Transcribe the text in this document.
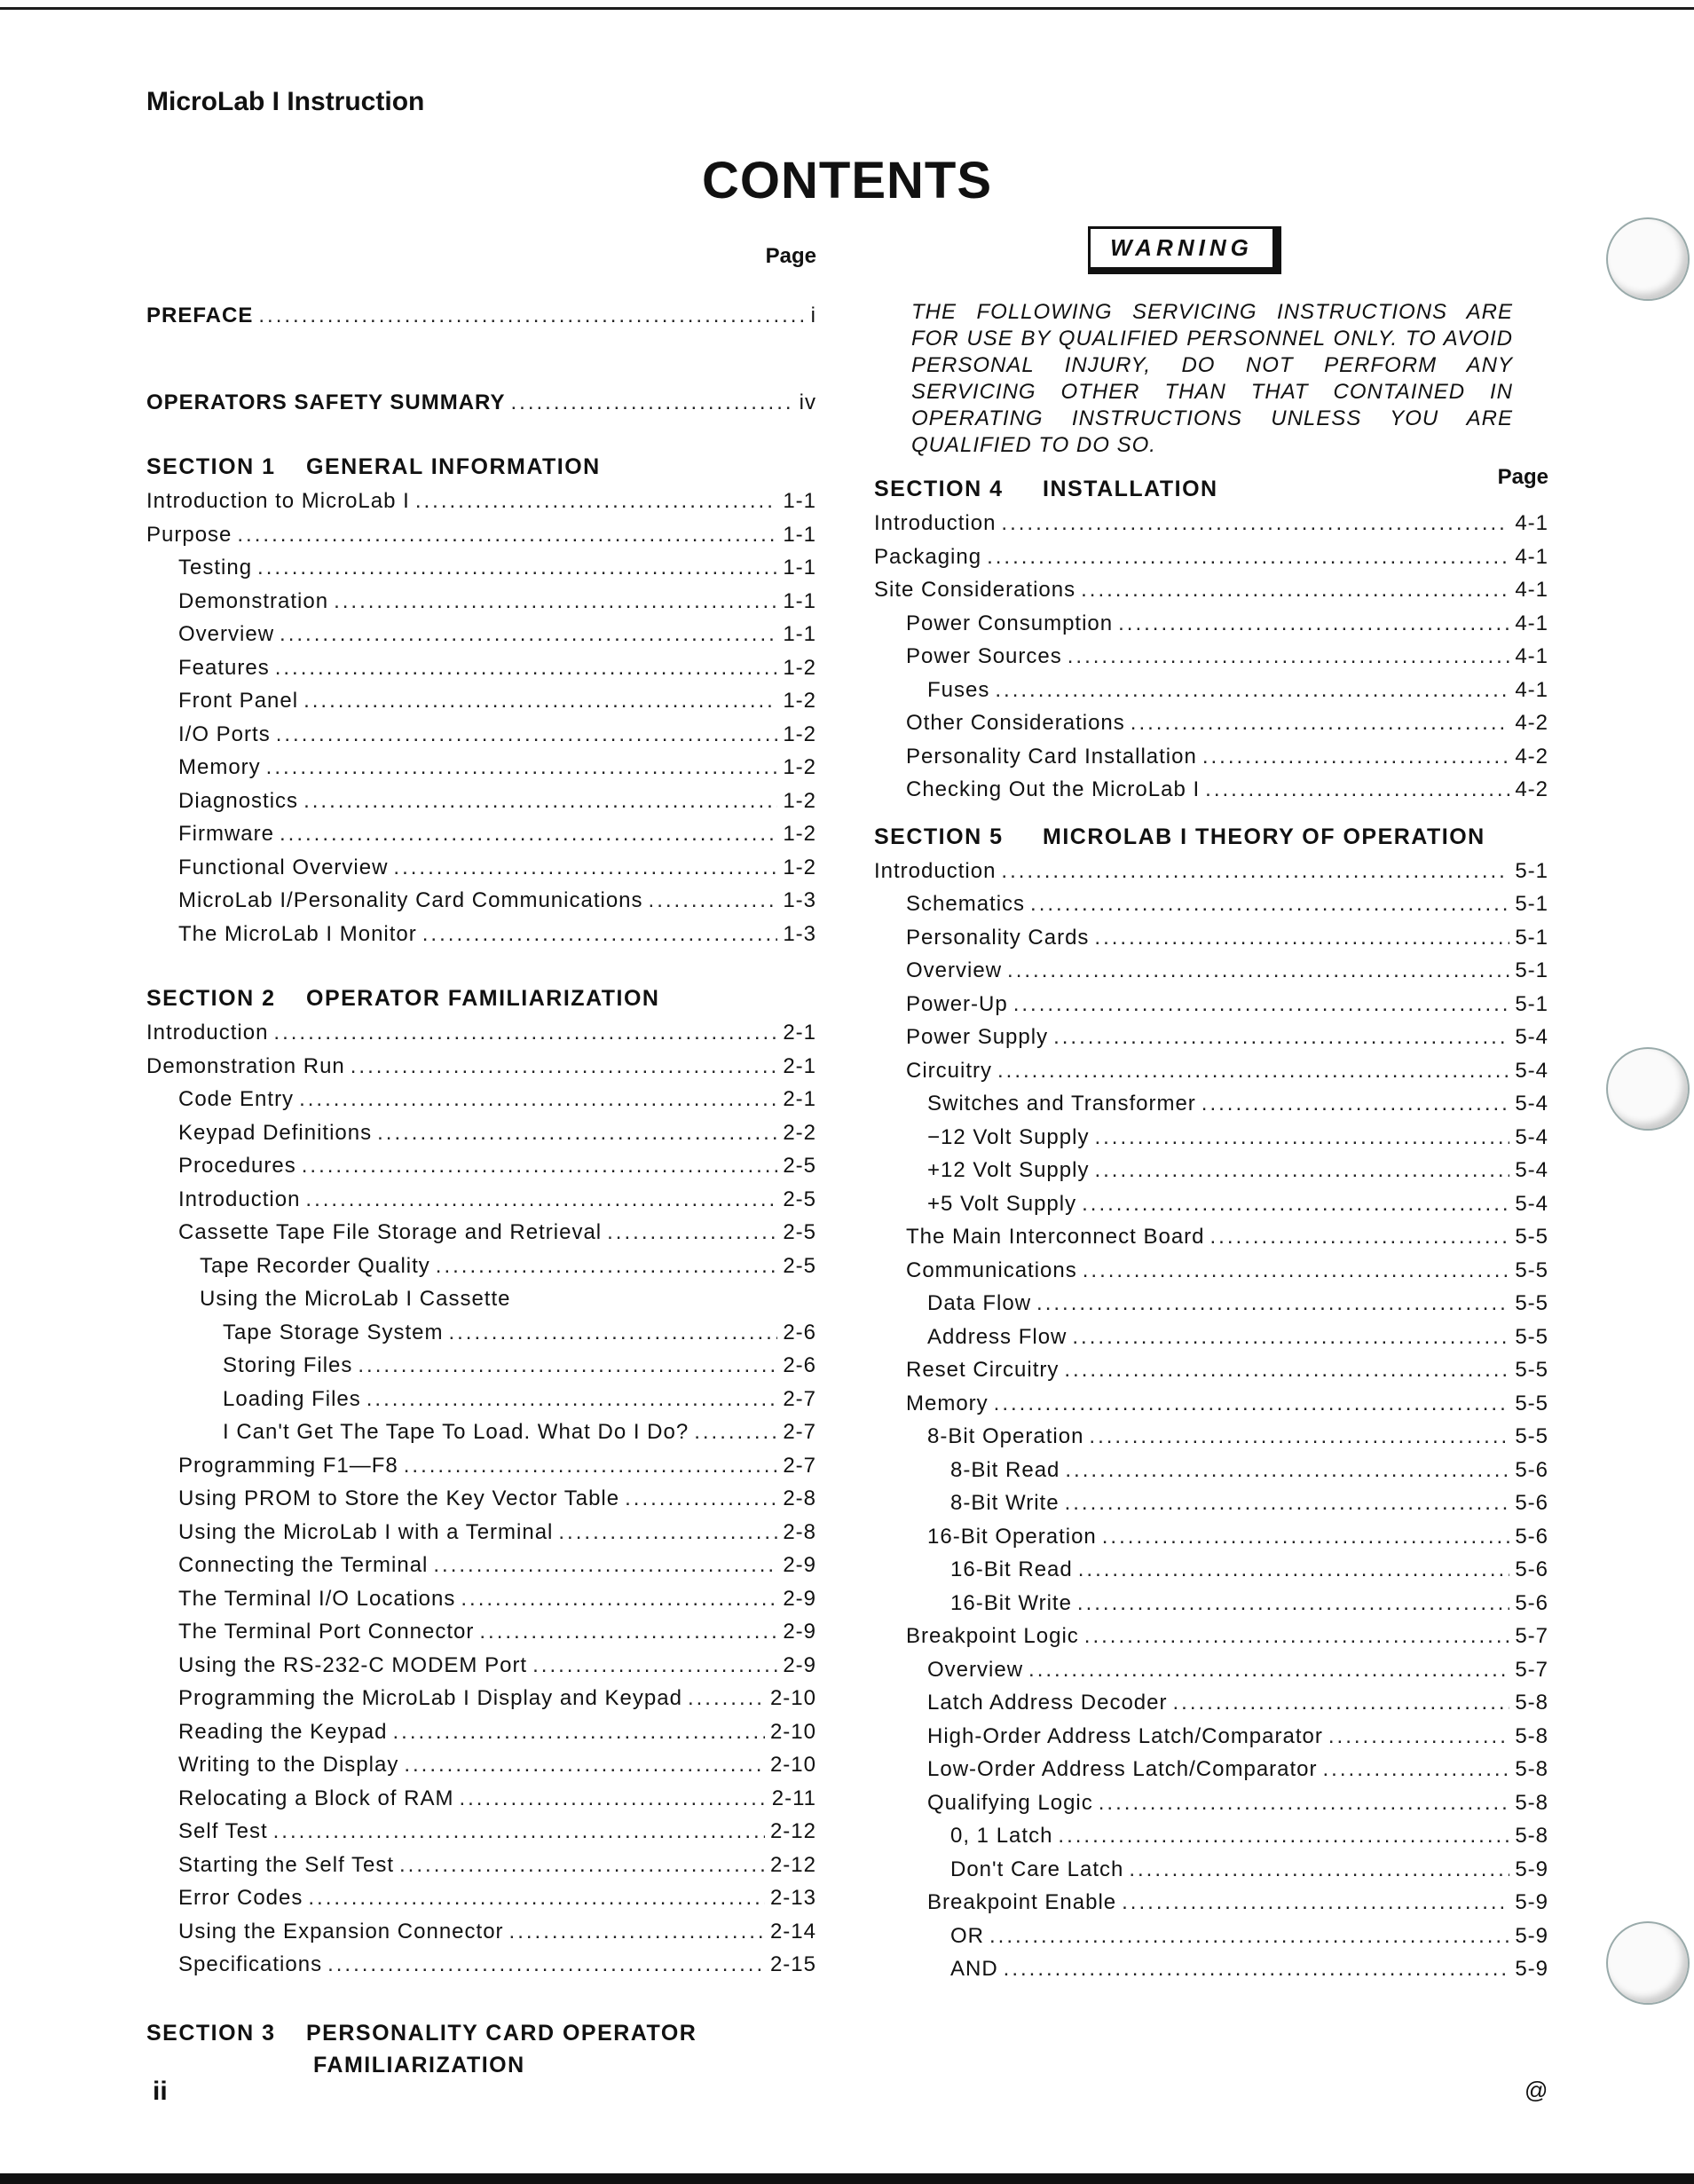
MicroLab I Instruction
CONTENTS
Page
PREFACE .....	i
OPERATORS SAFETY SUMMARY .....	iv
SECTION 1 GENERAL INFORMATION
Introduction to MicroLab I .....	1-1
Purpose .....	1-1
Testing .....	1-1
Demonstration .....	1-1
Overview .....	1-1
Features .....	1-2
Front Panel .....	1-2
I/O Ports .....	1-2
Memory .....	1-2
Diagnostics .....	1-2
Firmware .....	1-2
Functional Overview .....	1-2
MicroLab I/Personality Card Communications .....	1-3
The MicroLab I Monitor .....	1-3
SECTION 2 OPERATOR FAMILIARIZATION
Introduction .....	2-1
Demonstration Run .....	2-1
Code Entry .....	2-1
Keypad Definitions .....	2-2
Procedures .....	2-5
Introduction .....	2-5
Cassette Tape File Storage and Retrieval .....	2-5
Tape Recorder Quality .....	2-5
Using the MicroLab I Cassette
Tape Storage System .....	2-6
Storing Files .....	2-6
Loading Files .....	2-7
I Can't Get The Tape To Load. What Do I Do? .....	2-7
Programming F1—F8 .....	2-7
Using PROM to Store the Key Vector Table .....	2-8
Using the MicroLab I with a Terminal .....	2-8
Connecting the Terminal .....	2-9
The Terminal I/O Locations .....	2-9
The Terminal Port Connector .....	2-9
Using the RS-232-C MODEM Port .....	2-9
Programming the MicroLab I Display and Keypad .....	2-10
Reading the Keypad .....	2-10
Writing to the Display .....	2-10
Relocating a Block of RAM .....	2-11
Self Test .....	2-12
Starting the Self Test .....	2-12
Error Codes .....	2-13
Using the Expansion Connector .....	2-14
Specifications .....	2-15
SECTION 3 PERSONALITY CARD OPERATOR
FAMILIARIZATION
WARNING
THE FOLLOWING SERVICING INSTRUCTIONS ARE FOR USE BY QUALIFIED PERSONNEL ONLY. TO AVOID PERSONAL INJURY, DO NOT PERFORM ANY SERVICING OTHER THAN THAT CONTAINED IN OPERATING INSTRUCTIONS UNLESS YOU ARE QUALIFIED TO DO SO.
SECTION 4 INSTALLATION	Page
Introduction .....	4-1
Packaging .....	4-1
Site Considerations .....	4-1
Power Consumption .....	4-1
Power Sources .....	4-1
Fuses .....	4-1
Other Considerations .....	4-2
Personality Card Installation .....	4-2
Checking Out the MicroLab I .....	4-2
SECTION 5 MICROLAB I THEORY OF OPERATION
Introduction .....	5-1
Schematics .....	5-1
Personality Cards .....	5-1
Overview .....	5-1
Power-Up .....	5-1
Power Supply .....	5-4
Circuitry .....	5-4
Switches and Transformer .....	5-4
−12 Volt Supply .....	5-4
+12 Volt Supply .....	5-4
+5 Volt Supply .....	5-4
The Main Interconnect Board .....	5-5
Communications .....	5-5
Data Flow .....	5-5
Address Flow .....	5-5
Reset Circuitry .....	5-5
Memory .....	5-5
8-Bit Operation .....	5-5
8-Bit Read .....	5-6
8-Bit Write .....	5-6
16-Bit Operation .....	5-6
16-Bit Read .....	5-6
16-Bit Write .....	5-6
Breakpoint Logic .....	5-7
Overview .....	5-7
Latch Address Decoder .....	5-8
High-Order Address Latch/Comparator .....	5-8
Low-Order Address Latch/Comparator .....	5-8
Qualifying Logic .....	5-8
0, 1 Latch .....	5-8
Don't Care Latch .....	5-9
Breakpoint Enable .....	5-9
OR .....	5-9
AND .....	5-9
ii	@
